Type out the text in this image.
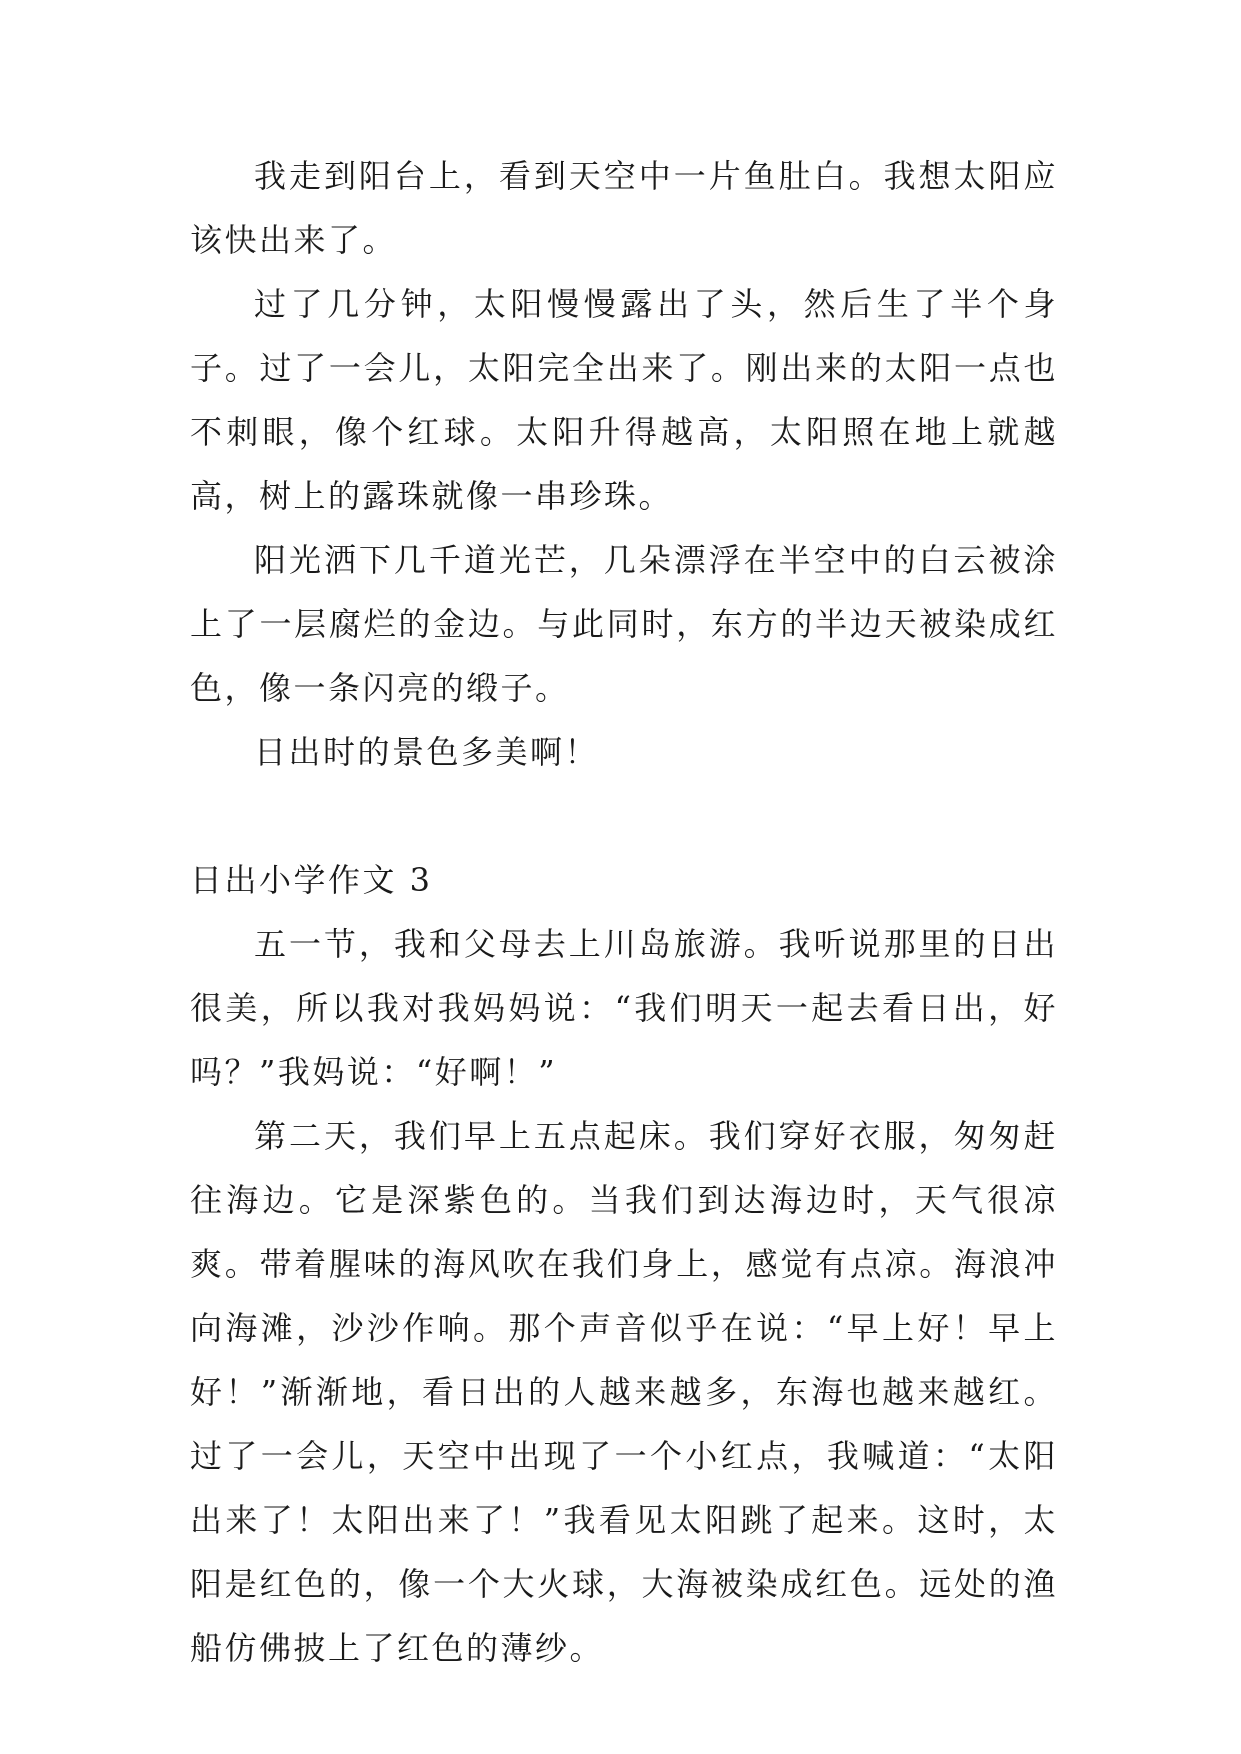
我走到阳台上，看到天空中一片鱼肚白。我想太阳应该快出来了。

过了几分钟，太阳慢慢露出了头，然后生了半个身子。过了一会儿，太阳完全出来了。刚出来的太阳一点也不刺眼，像个红球。太阳升得越高，太阳照在地上就越高，树上的露珠就像一串珍珠。

阳光洒下几千道光芒，几朵漂浮在半空中的白云被涂上了一层腐烂的金边。与此同时，东方的半边天被染成红色，像一条闪亮的缎子。

日出时的景色多美啊！

日出小学作文 3

五一节，我和父母去上川岛旅游。我听说那里的日出很美，所以我对我妈妈说：“我们明天一起去看日出，好吗？”我妈说：“好啊！”

第二天，我们早上五点起床。我们穿好衣服，匆匆赶往海边。它是深紫色的。当我们到达海边时，天气很凉爽。带着腥味的海风吹在我们身上，感觉有点凉。海浪冲向海滩，沙沙作响。那个声音似乎在说：“早上好！早上好！”渐渐地，看日出的人越来越多，东海也越来越红。过了一会儿，天空中出现了一个小红点，我喊道：“太阳出来了！太阳出来了！”我看见太阳跳了起来。这时，太阳是红色的，像一个大火球，大海被染成红色。远处的渔船仿佛披上了红色的薄纱。
